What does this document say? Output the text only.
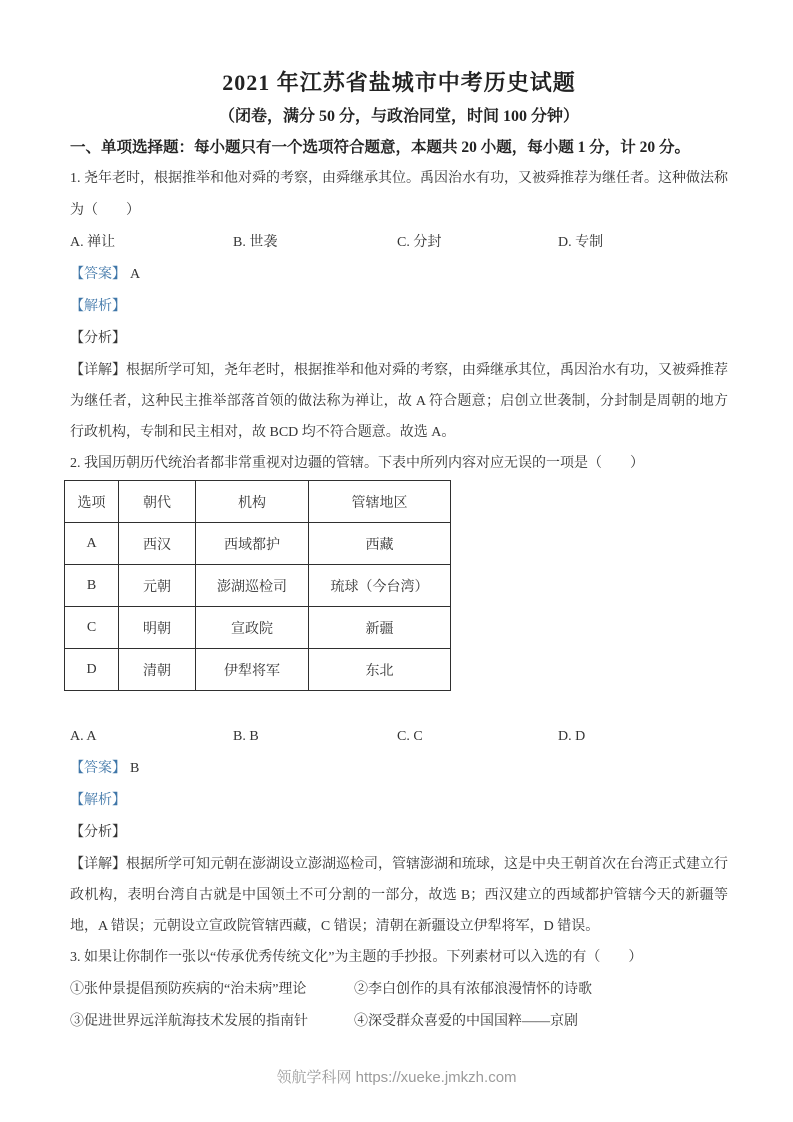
2021 年江苏省盐城市中考历史试题

（闭卷，满分 50 分，与政治同堂，时间 100 分钟）

一、单项选择题：每小题只有一个选项符合题意，本题共 20 小题，每小题 1 分，计 20 分。

1. 尧年老时，根据推举和他对舜的考察，由舜继承其位。禹因治水有功，又被舜推荐为继任者。这种做法称为（　　）

A. 禅让	B. 世袭	C. 分封	D. 专制

【答案】 A

【解析】

【分析】

【详解】根据所学可知，尧年老时，根据推举和他对舜的考察，由舜继承其位，禹因治水有功，又被舜推荐为继任者，这种民主推举部落首领的做法称为禅让，故 A 符合题意；启创立世袭制，分封制是周朝的地方行政机构，专制和民主相对，故 BCD 均不符合题意。故选 A。

2. 我国历朝历代统治者都非常重视对边疆的管辖。下表中所列内容对应无误的一项是（　　）

选项	朝代	机构	管辖地区
A	西汉	西域都护	西藏
B	元朝	澎湖巡检司	琉球（今台湾）
C	明朝	宣政院	新疆
D	清朝	伊犁将军	东北
A. A	B. B	C. C	D. D

【答案】 B

【解析】

【分析】

【详解】根据所学可知元朝在澎湖设立澎湖巡检司，管辖澎湖和琉球，这是中央王朝首次在台湾正式建立行政机构，表明台湾自古就是中国领土不可分割的一部分，故选 B；西汉建立的西域都护管辖今天的新疆等地，A 错误；元朝设立宣政院管辖西藏，C 错误；清朝在新疆设立伊犁将军，D 错误。

3. 如果让你制作一张以“传承优秀传统文化”为主题的手抄报。下列素材可以入选的有（　　）

①张仲景提倡预防疾病的“治未病”理论	②李白创作的具有浓郁浪漫情怀的诗歌
③促进世界远洋航海技术发展的指南针	④深受群众喜爱的中国国粹——京剧
领航学科网 https://xueke.jmkzh.com
